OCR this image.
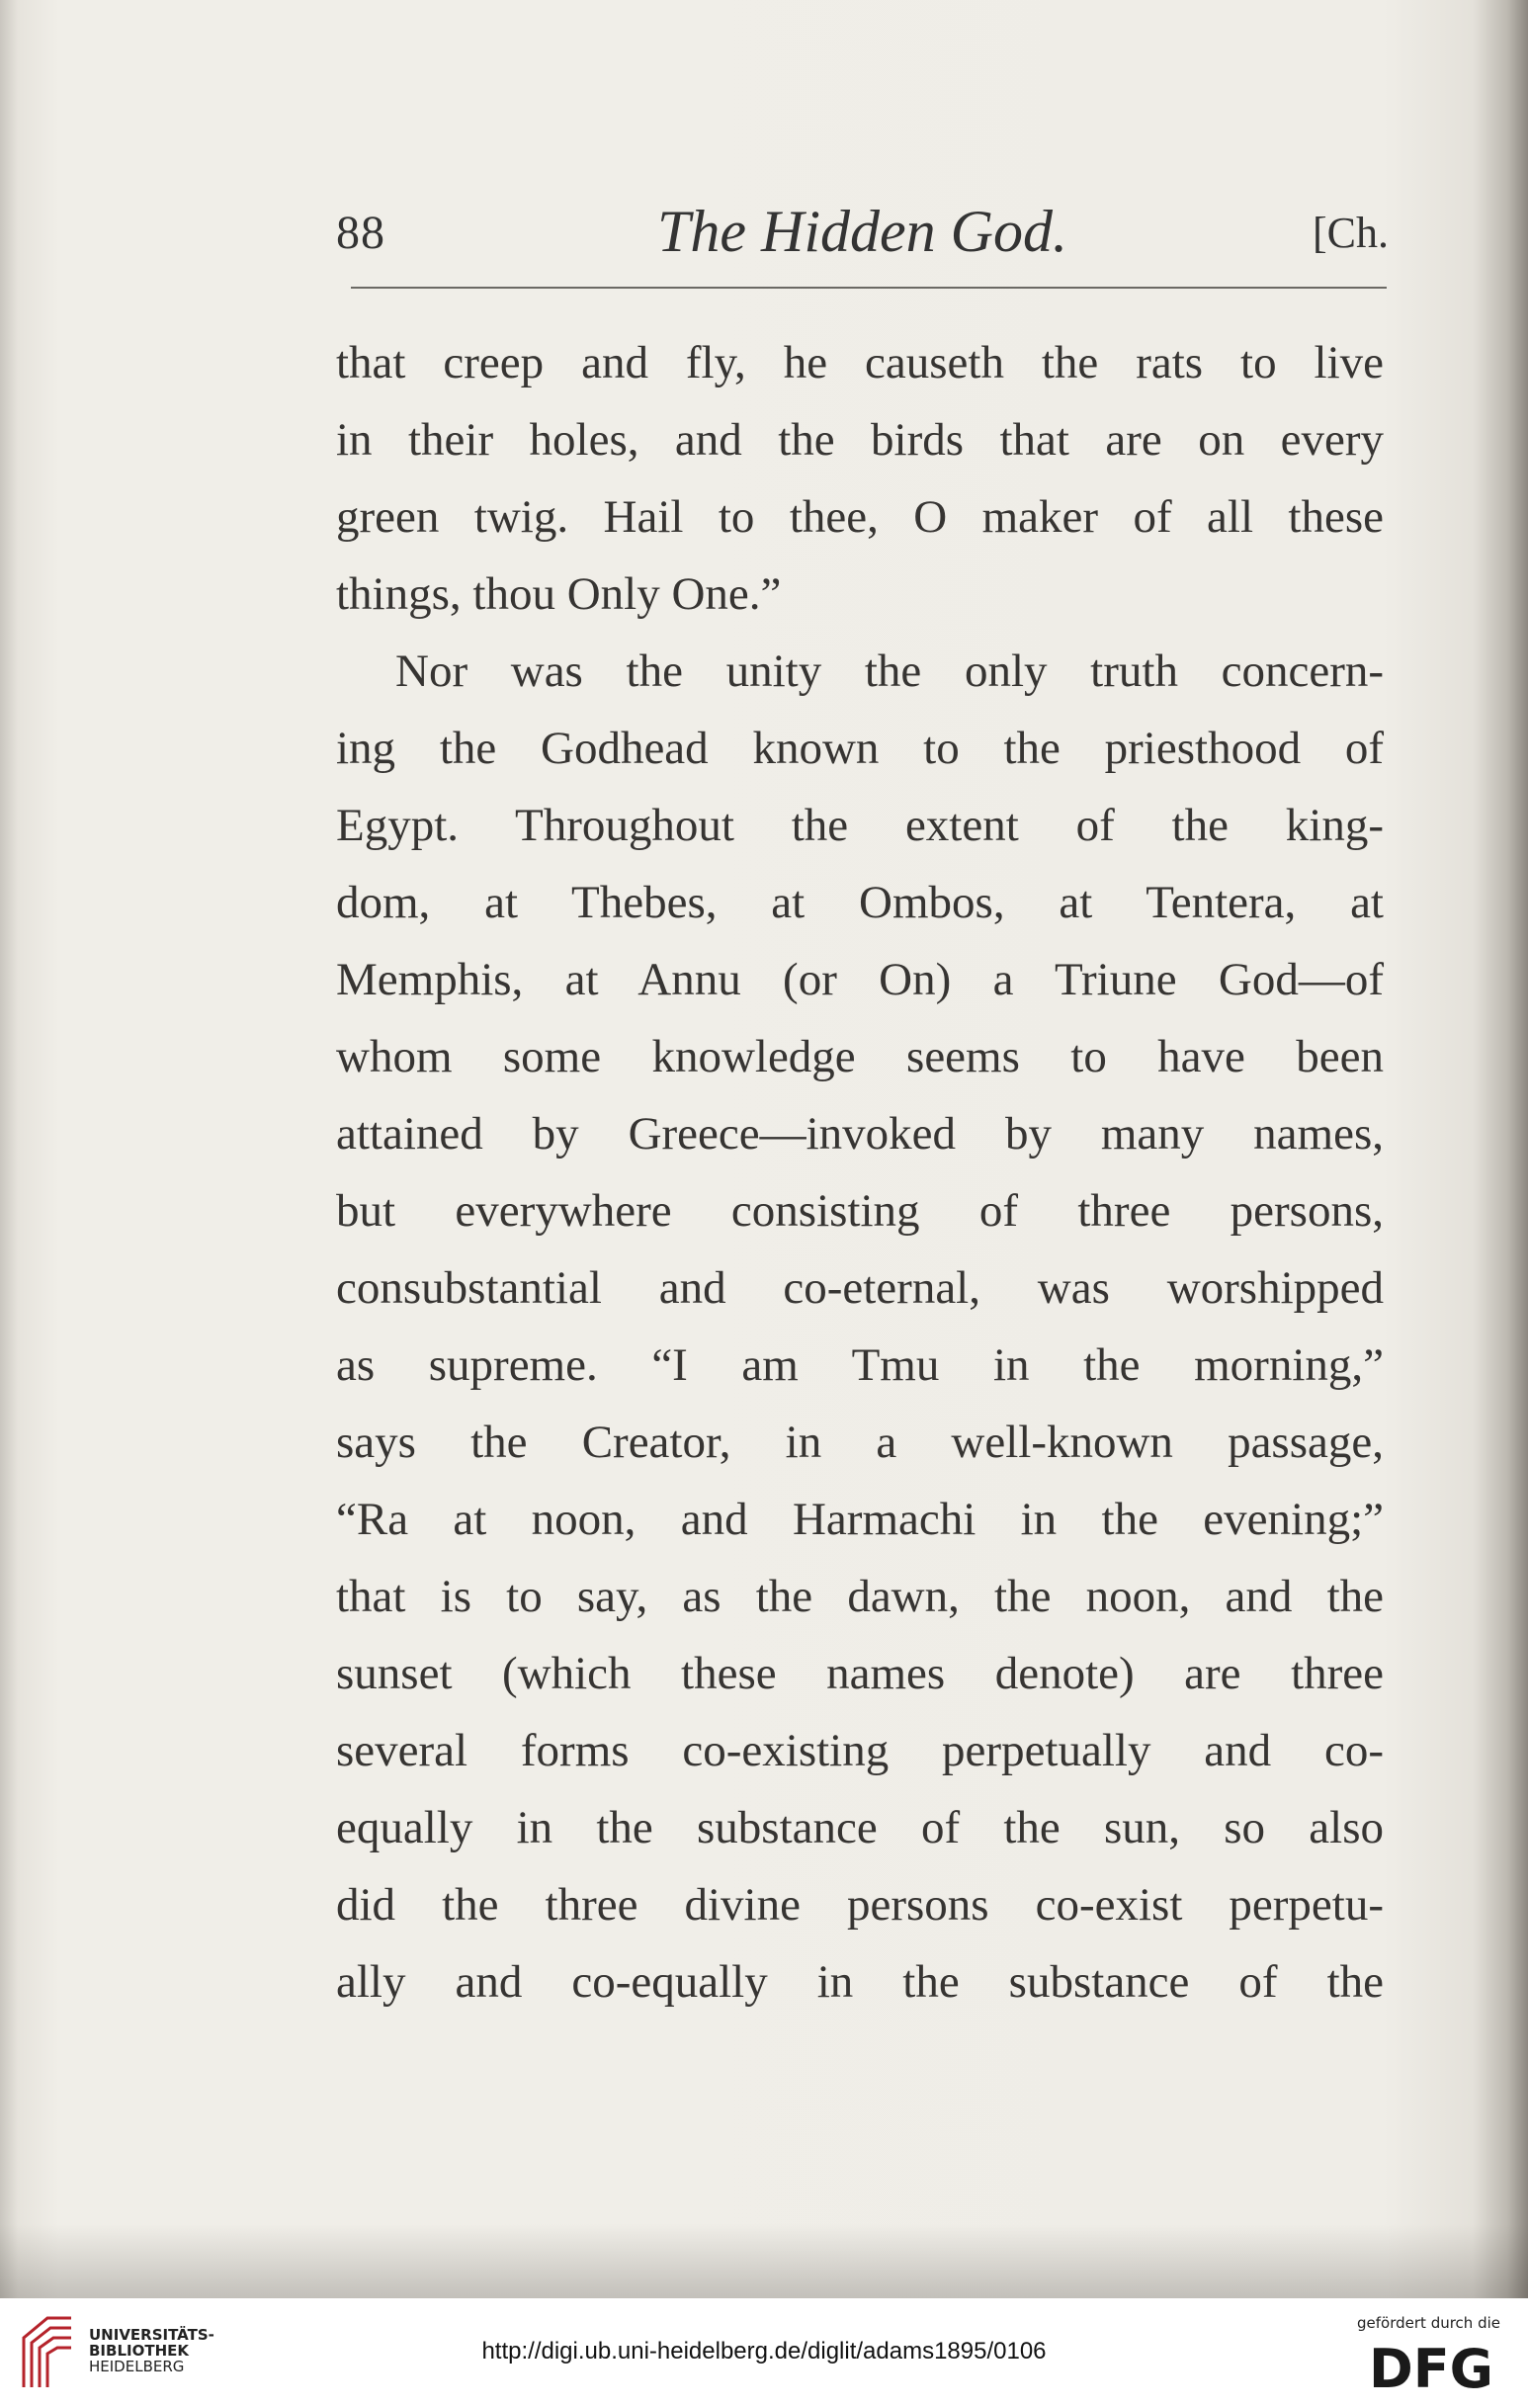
88	The Hidden God.	[Ch.
that creep and fly, he causeth the rats to live
in their holes, and the birds that are on every
green twig. Hail to thee, O maker of all these
things, thou Only One.”
Nor was the unity the only truth concern-
ing the Godhead known to the priesthood of
Egypt. Throughout the extent of the king-
dom, at Thebes, at Ombos, at Tentera, at
Memphis, at Annu (or On) a Triune God—of
whom some knowledge seems to have been
attained by Greece—invoked by many names,
but everywhere consisting of three persons,
consubstantial and co-eternal, was worshipped
as supreme. “I am Tmu in the morning,”
says the Creator, in a well-known passage,
“Ra at noon, and Harmachi in the evening;”
that is to say, as the dawn, the noon, and the
sunset (which these names denote) are three
several forms co-existing perpetually and co-
equally in the substance of the sun, so also
did the three divine persons co-exist perpetu-
ally and co-equally in the substance of the
UNIVERSITÄTS-
BIBLIOTHEK
HEIDELBERG
http://digi.ub.uni-heidelberg.de/diglit/adams1895/0106
gefördert durch die
DFG
